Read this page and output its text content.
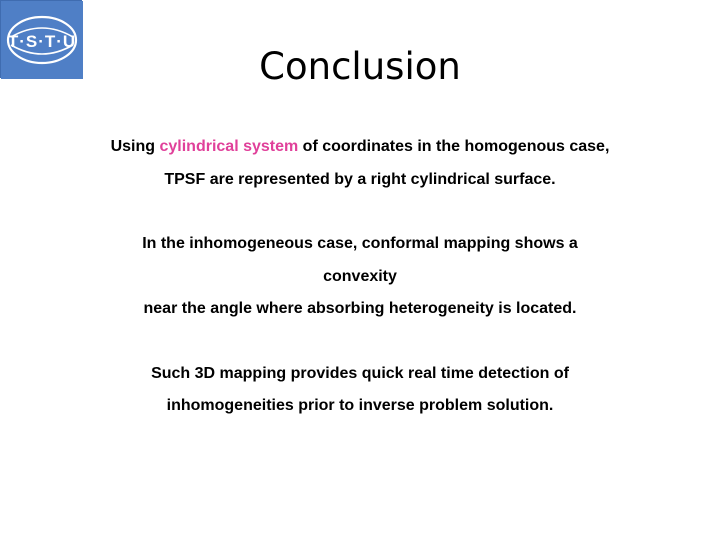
T·S·T·U
Conclusion
Using cylindrical system of coordinates in the homogenous case,
TPSF are represented by a right cylindrical surface.
In the inhomogeneous case, conformal mapping shows a
convexity
near the angle where absorbing heterogeneity is located.
Such 3D mapping provides quick real time detection of
inhomogeneities prior to inverse problem solution.
